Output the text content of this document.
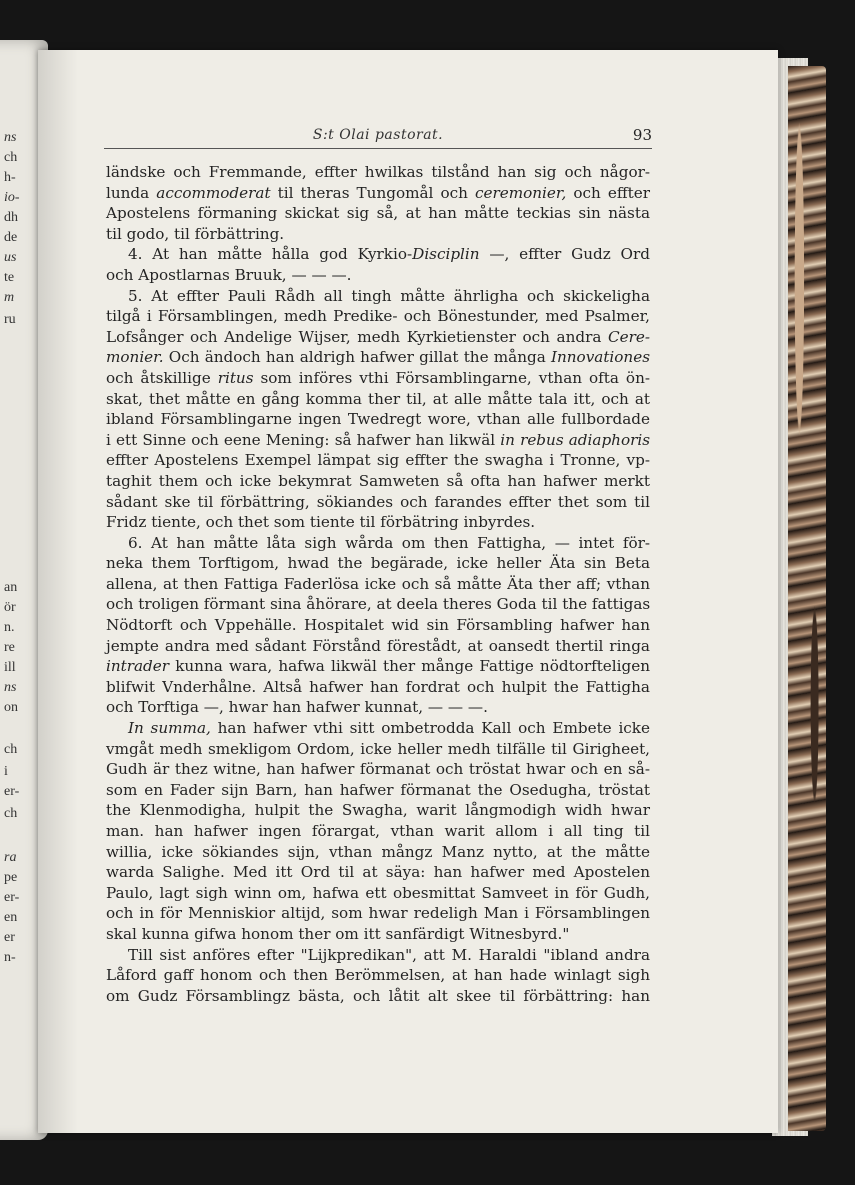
ns
ch
h-
io-
dh
de
us
te
m
ru
an
ör
n.
re
ill
ns
on
ch
i
er-
ch
ra
pe
er-
en
er
n-
S:t Olai pastorat.	93
ländske och Fremmande, effter hwilkas tilstånd han sig och någor-
lunda accommoderat til theras Tungomål och ceremonier, och effter
Apostelens förmaning skickat sig så, at han måtte teckias sin nästa
til godo, til förbättring.
4. At han måtte hålla god Kyrkio-Disciplin —, effter Gudz Ord
och Apostlarnas Bruuk, — — —.
5. At effter Pauli Rådh all tingh måtte ährligha och skickeligha
tilgå i Församblingen, medh Predike- och Bönestunder, med Psalmer,
Lofsånger och Andelige Wijser, medh Kyrkietienster och andra Cere-
monier. Och ändoch han aldrigh hafwer gillat the många Innovationes
och åtskillige ritus som införes vthi Församblingarne, vthan ofta ön-
skat, thet måtte en gång komma ther til, at alle måtte tala itt, och at
ibland Församblingarne ingen Twedregt wore, vthan alle fullbordade
i ett Sinne och eene Mening: så hafwer han likwäl in rebus adiaphoris
effter Apostelens Exempel lämpat sig effter the swagha i Tronne, vp-
taghit them och icke bekymrat Samweten så ofta han hafwer merkt
sådant ske til förbättring, sökiandes och farandes effter thet som til
Fridz tiente, och thet som tiente til förbätring inbyrdes.
6. At han måtte låta sigh wårda om then Fattigha, — intet för-
neka them Torftigom, hwad the begärade, icke heller Äta sin Beta
allena, at then Fattiga Faderlösa icke och så måtte Äta ther aff; vthan
och troligen förmant sina åhörare, at deela theres Goda til the fattigas
Nödtorft och Vppehälle. Hospitalet wid sin Försambling hafwer han
jempte andra med sådant Förstånd förestådt, at oansedt thertil ringa
intrader kunna wara, hafwa likwäl ther månge Fattige nödtorfteligen
blifwit Vnderhålne. Altså hafwer han fordrat och hulpit the Fattigha
och Torftiga —, hwar han hafwer kunnat, — — —.
In summa, han hafwer vthi sitt ombetrodda Kall och Embete icke
vmgåt medh smekligom Ordom, icke heller medh tilfälle til Girigheet,
Gudh är thez witne, han hafwer förmanat och tröstat hwar och en så-
som en Fader sijn Barn, han hafwer förmanat the Osedugha, tröstat
the Klenmodigha, hulpit the Swagha, warit långmodigh widh hwar
man. han hafwer ingen förargat, vthan warit allom i all ting til
willia, icke sökiandes sijn, vthan mångz Manz nytto, at the måtte
warda Salighe. Med itt Ord til at säya: han hafwer med Apostelen
Paulo, lagt sigh winn om, hafwa ett obesmittat Samveet in för Gudh,
och in för Menniskior altijd, som hwar redeligh Man i Församblingen
skal kunna gifwa honom ther om itt sanfärdigt Witnesbyrd."
Till sist anföres efter "Lijkpredikan", att M. Haraldi "ibland andra
Låford gaff honom och then Berömmelsen, at han hade winlagt sigh
om Gudz Församblingz bästa, och låtit alt skee til förbättring: han
